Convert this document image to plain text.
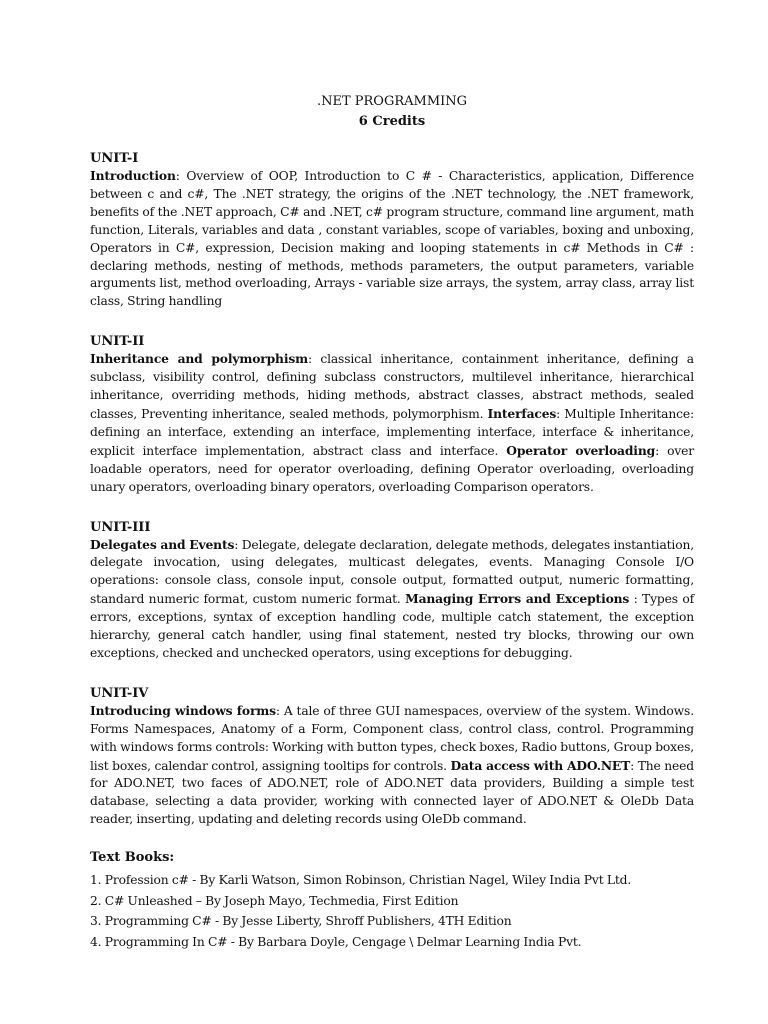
.NET PROGRAMMING

6 Credits

UNIT-I

Introduction: Overview of OOP, Introduction to C # - Characteristics, application, Difference between c and c#, The .NET strategy, the origins of the .NET technology, the .NET framework, benefits of the .NET approach, C# and .NET, c# program structure, command line argument, math function, Literals, variables and data , constant variables, scope of variables, boxing and unboxing, Operators in C#, expression, Decision making and looping statements in c# Methods in C# : declaring methods, nesting of methods, methods parameters, the output parameters, variable arguments list, method overloading, Arrays - variable size arrays, the system, array class, array list class, String handling

UNIT-II

Inheritance and polymorphism: classical inheritance, containment inheritance, defining a subclass, visibility control, defining subclass constructors, multilevel inheritance, hierarchical inheritance, overriding methods, hiding methods, abstract classes, abstract methods, sealed classes, Preventing inheritance, sealed methods, polymorphism. Interfaces: Multiple Inheritance: defining an interface, extending an interface, implementing interface, interface & inheritance, explicit interface implementation, abstract class and interface. Operator overloading: over loadable operators, need for operator overloading, defining Operator overloading, overloading unary operators, overloading binary operators, overloading Comparison operators.

UNIT-III

Delegates and Events: Delegate, delegate declaration, delegate methods, delegates instantiation, delegate invocation, using delegates, multicast delegates, events. Managing Console I/O operations: console class, console input, console output, formatted output, numeric formatting, standard numeric format, custom numeric format. Managing Errors and Exceptions : Types of errors, exceptions, syntax of exception handling code, multiple catch statement, the exception hierarchy, general catch handler, using final statement, nested try blocks, throwing our own exceptions, checked and unchecked operators, using exceptions for debugging.

UNIT-IV

Introducing windows forms: A tale of three GUI namespaces, overview of the system. Windows. Forms Namespaces, Anatomy of a Form, Component class, control class, control. Programming with windows forms controls: Working with button types, check boxes, Radio buttons, Group boxes, list boxes, calendar control, assigning tooltips for controls. Data access with ADO.NET: The need for ADO.NET, two faces of ADO.NET, role of ADO.NET data providers, Building a simple test database, selecting a data provider, working with connected layer of ADO.NET & OleDb Data reader, inserting, updating and deleting records using OleDb command.

Text Books:

1. Profession c# - By Karli Watson, Simon Robinson, Christian Nagel, Wiley India Pvt Ltd.
2. C# Unleashed – By Joseph Mayo, Techmedia, First Edition
3. Programming C# - By Jesse Liberty, Shroff Publishers, 4TH Edition
4. Programming In C# - By Barbara Doyle, Cengage \ Delmar Learning India Pvt.
